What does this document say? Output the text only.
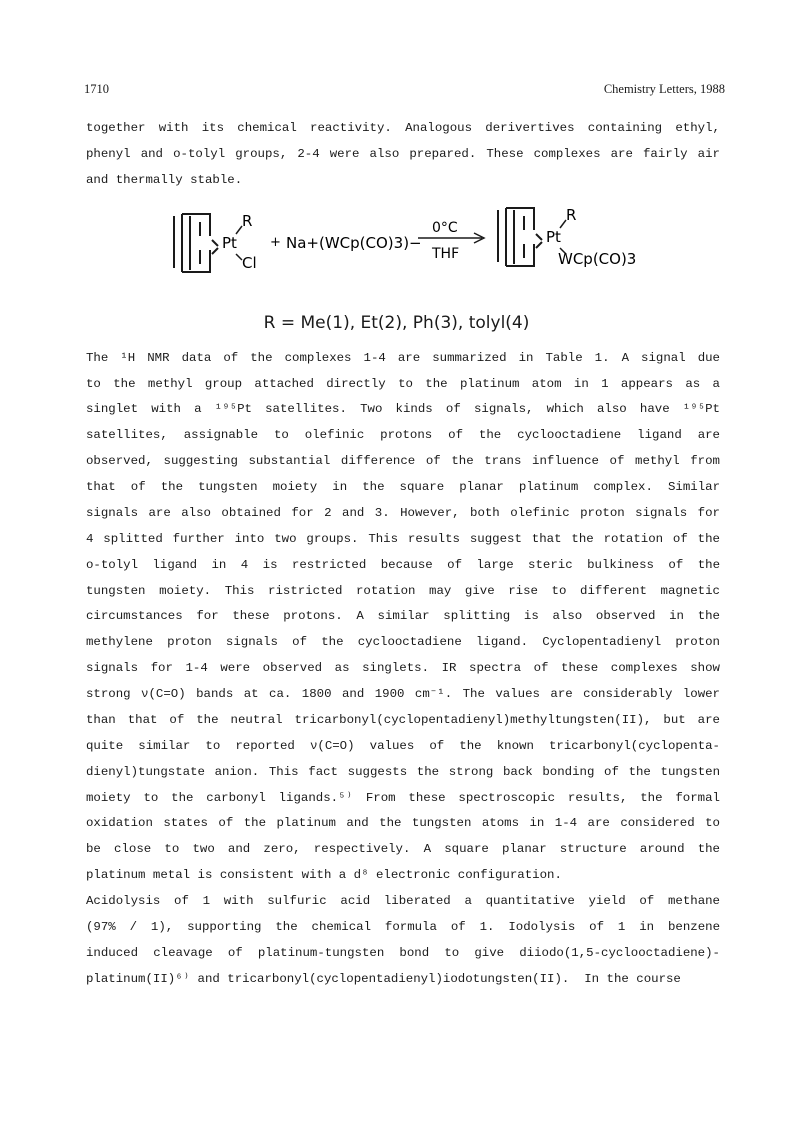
1710	Chemistry Letters, 1988
together with its chemical reactivity. Analogous derivertives containing ethyl,
phenyl and o-tolyl groups, 2-4 were also prepared. These complexes are fairly air
and thermally stable.
Pt
R
Cl
+ Na+(WCp(CO)3)−
0°C
THF
Pt
R
WCp(CO)3
R = Me(1), Et(2), Ph(3), tolyl(4)
The ¹H NMR data of the complexes 1-4 are summarized in Table 1. A signal due
to the methyl group attached directly to the platinum atom in 1 appears as a
singlet with a ¹⁹⁵Pt satellites. Two kinds of signals, which also have ¹⁹⁵Pt
satellites, assignable to olefinic protons of the cyclooctadiene ligand are
observed, suggesting substantial difference of the trans influence of methyl from
that of the tungsten moiety in the square planar platinum complex. Similar
signals are also obtained for 2 and 3. However, both olefinic proton signals for
4 splitted further into two groups. This results suggest that the rotation of the
o-tolyl ligand in 4 is restricted because of large steric bulkiness of the
tungsten moiety. This ristricted rotation may give rise to different magnetic
circumstances for these protons. A similar splitting is also observed in the
methylene proton signals of the cyclooctadiene ligand. Cyclopentadienyl proton
signals for 1-4 were observed as singlets. IR spectra of these complexes show
strong ν(C=O) bands at ca. 1800 and 1900 cm⁻¹. The values are considerably lower
than that of the neutral tricarbonyl(cyclopentadienyl)methyltungsten(II), but are
quite similar to reported ν(C=O) values of the known tricarbonyl(cyclopenta-
dienyl)tungstate anion. This fact suggests the strong back bonding of the tungsten
moiety to the carbonyl ligands.⁵⁾ From these spectroscopic results, the formal
oxidation states of the platinum and the tungsten atoms in 1-4 are considered to
be close to two and zero, respectively. A square planar structure around the
platinum metal is consistent with a d⁸ electronic configuration.
Acidolysis of 1 with sulfuric acid liberated a quantitative yield of methane
(97% / 1), supporting the chemical formula of 1. Iodolysis of 1 in benzene
induced cleavage of platinum-tungsten bond to give diiodo(1,5-cyclooctadiene)-
platinum(II)⁶⁾ and tricarbonyl(cyclopentadienyl)iodotungsten(II).  In the course
